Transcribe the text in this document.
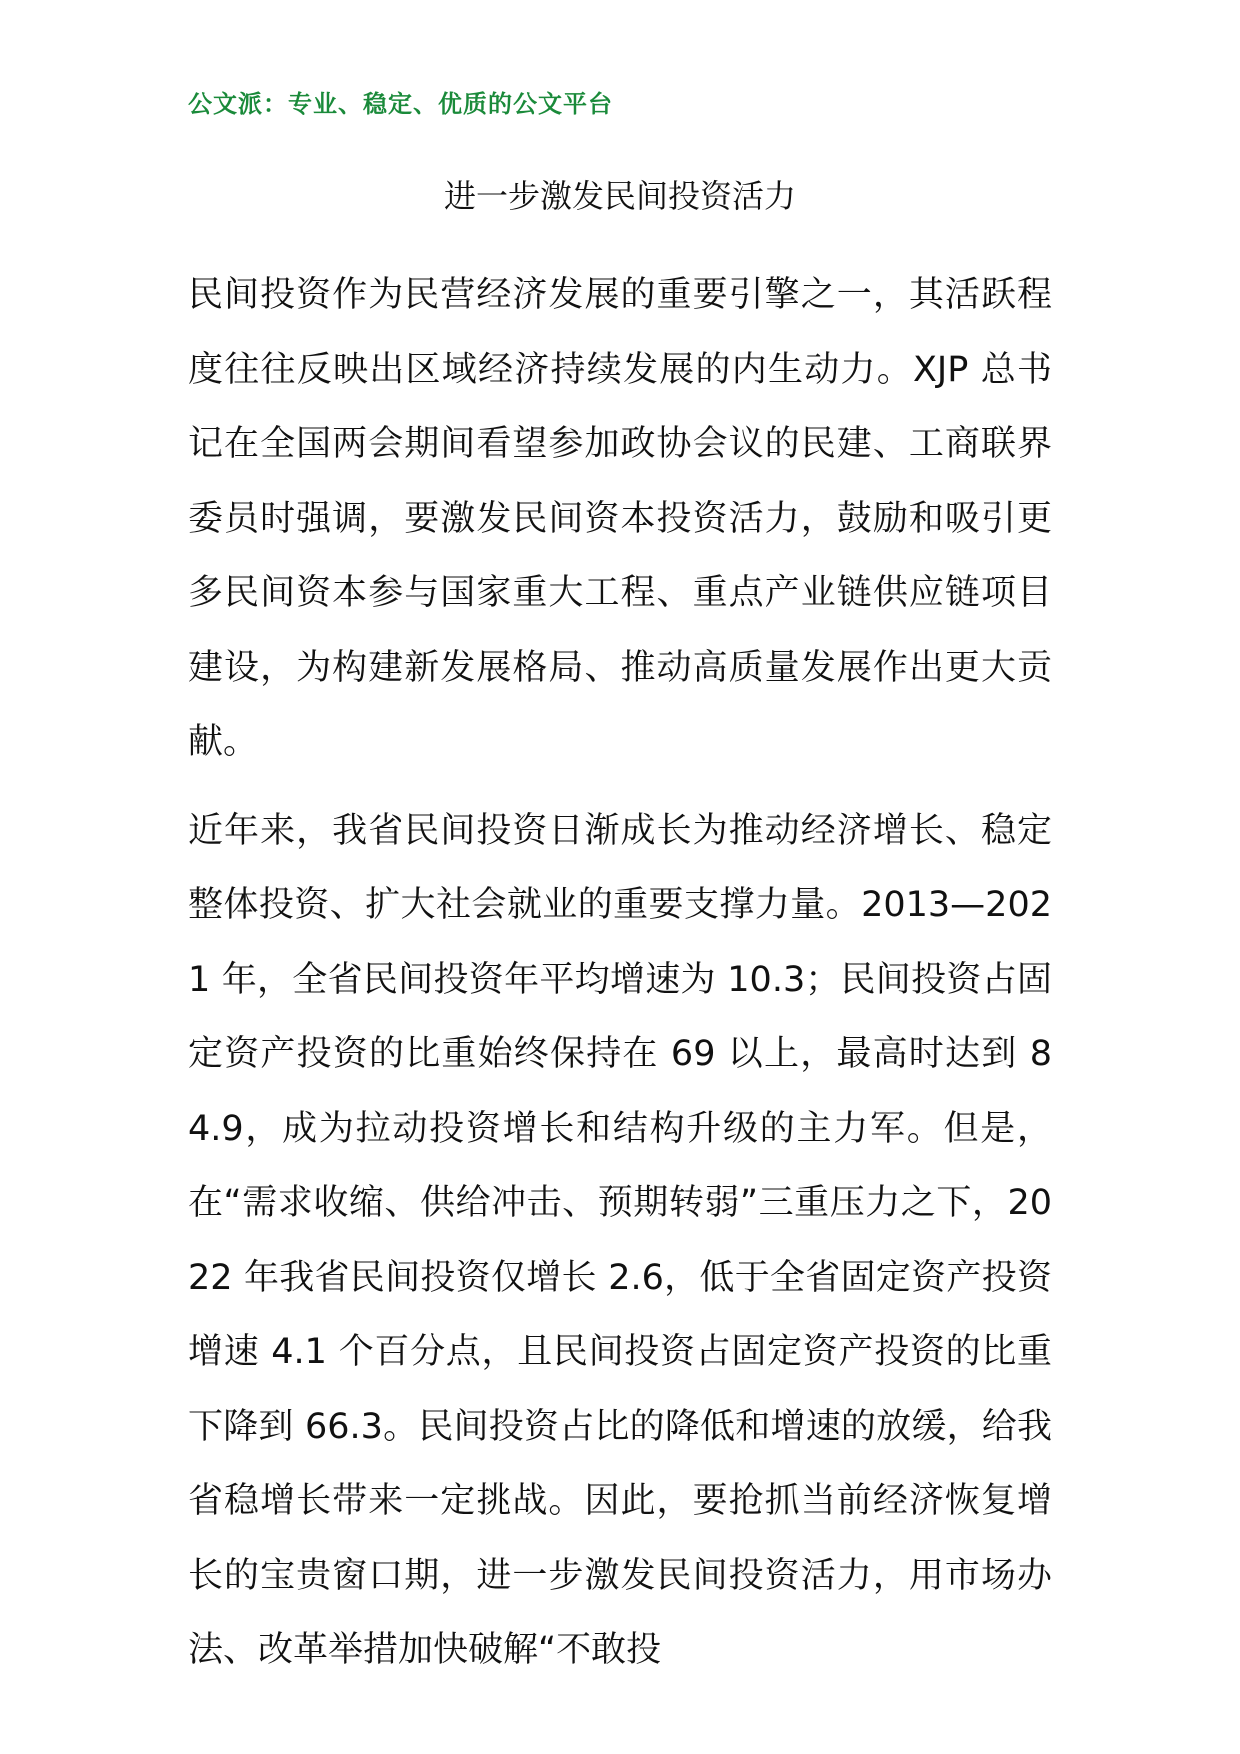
公文派：专业、稳定、优质的公文平台
进一步激发民间投资活力

民间投资作为民营经济发展的重要引擎之一，其活跃程度往往反映出区域经济持续发展的内生动力。XJP 总书记在全国两会期间看望参加政协会议的民建、工商联界委员时强调，要激发民间资本投资活力，鼓励和吸引更多民间资本参与国家重大工程、重点产业链供应链项目建设，为构建新发展格局、推动高质量发展作出更大贡献。

近年来，我省民间投资日渐成长为推动经济增长、稳定整体投资、扩大社会就业的重要支撑力量。2013—2021 年，全省民间投资年平均增速为 10.3；民间投资占固定资产投资的比重始终保持在 69 以上，最高时达到 84.9，成为拉动投资增长和结构升级的主力军。但是，在“需求收缩、供给冲击、预期转弱”三重压力之下，2022 年我省民间投资仅增长 2.6，低于全省固定资产投资增速 4.1 个百分点，且民间投资占固定资产投资的比重下降到 66.3。民间投资占比的降低和增速的放缓，给我省稳增长带来一定挑战。因此，要抢抓当前经济恢复增长的宝贵窗口期，进一步激发民间投资活力，用市场办法、改革举措加快破解“不敢投
